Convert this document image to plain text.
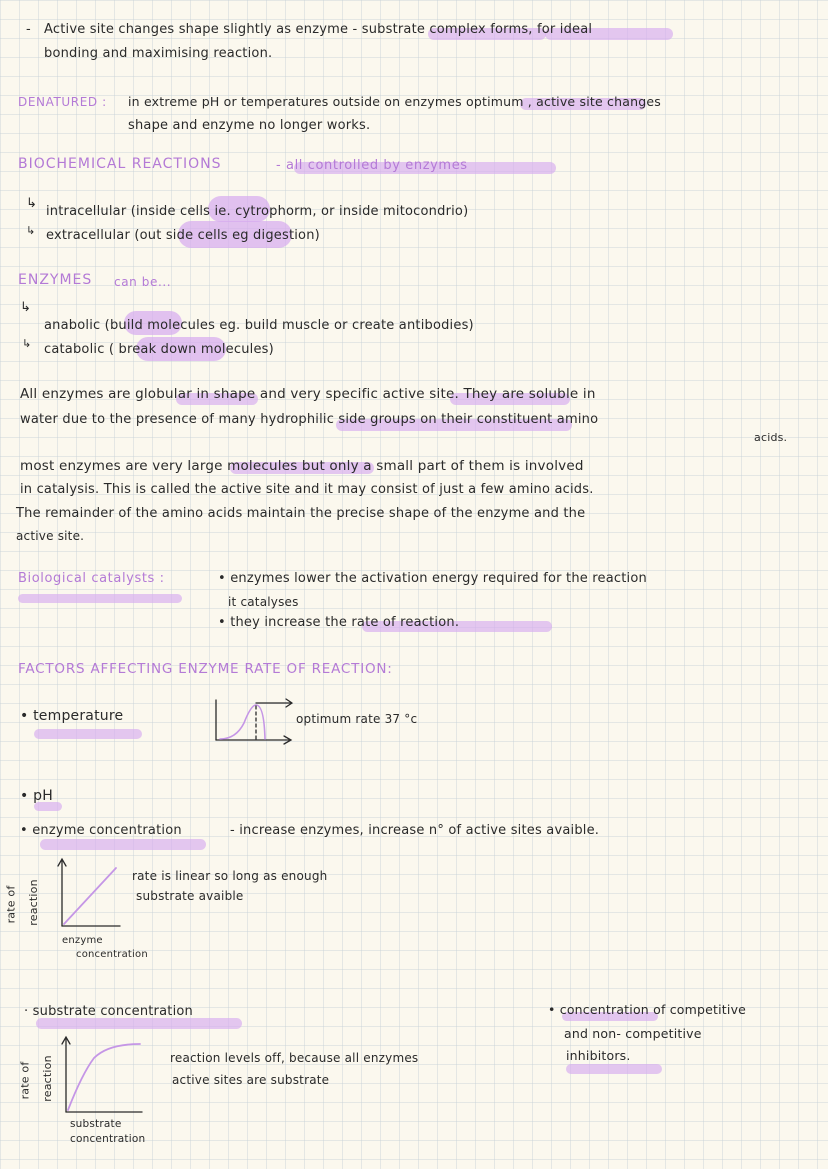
- Active site changes shape slightly as enzyme - substrate complex forms, for ideal
bonding and maximising reaction.
DENATURED : in extreme pH or temperatures outside on enzymes optimum , active site changes
shape and enzyme no longer works.
BIOCHEMICAL REACTIONS	- all controlled by enzymes
↳
intracellular (inside cells ie. cytrophorm, or inside mitocondrio)
↳ extracellular (out side cells eg digestion)
ENZYMES can be...
↳
anabolic (build molecules eg. build muscle or create antibodies)
↳ catabolic ( break down molecules)
All enzymes are globular in shape and very specific active site. They are soluble in
water due to the presence of many hydrophilic side groups on their constituent amino
acids.
most enzymes are very large molecules but only a small part of them is involved
in catalysis. This is called the active site and it may consist of just a few amino acids.
The remainder of the amino acids maintain the precise shape of the enzyme and the
active site.
Biological catalysts :	• enzymes lower the activation energy required for the reaction
it catalyses
• they increase the rate of reaction.
FACTORS AFFECTING ENZYME RATE OF REACTION:
• temperature	optimum rate 37 °c
• pH
• enzyme concentration	- increase enzymes, increase n° of active sites avaible.
rate of reaction
enzyme
concentration
rate is linear so long as enough
substrate avaible
· substrate concentration
rate of reaction
substrate
concentration
reaction levels off, because all enzymes
active sites are substrate
• concentration of competitive
and non- competitive
inhibitors.
